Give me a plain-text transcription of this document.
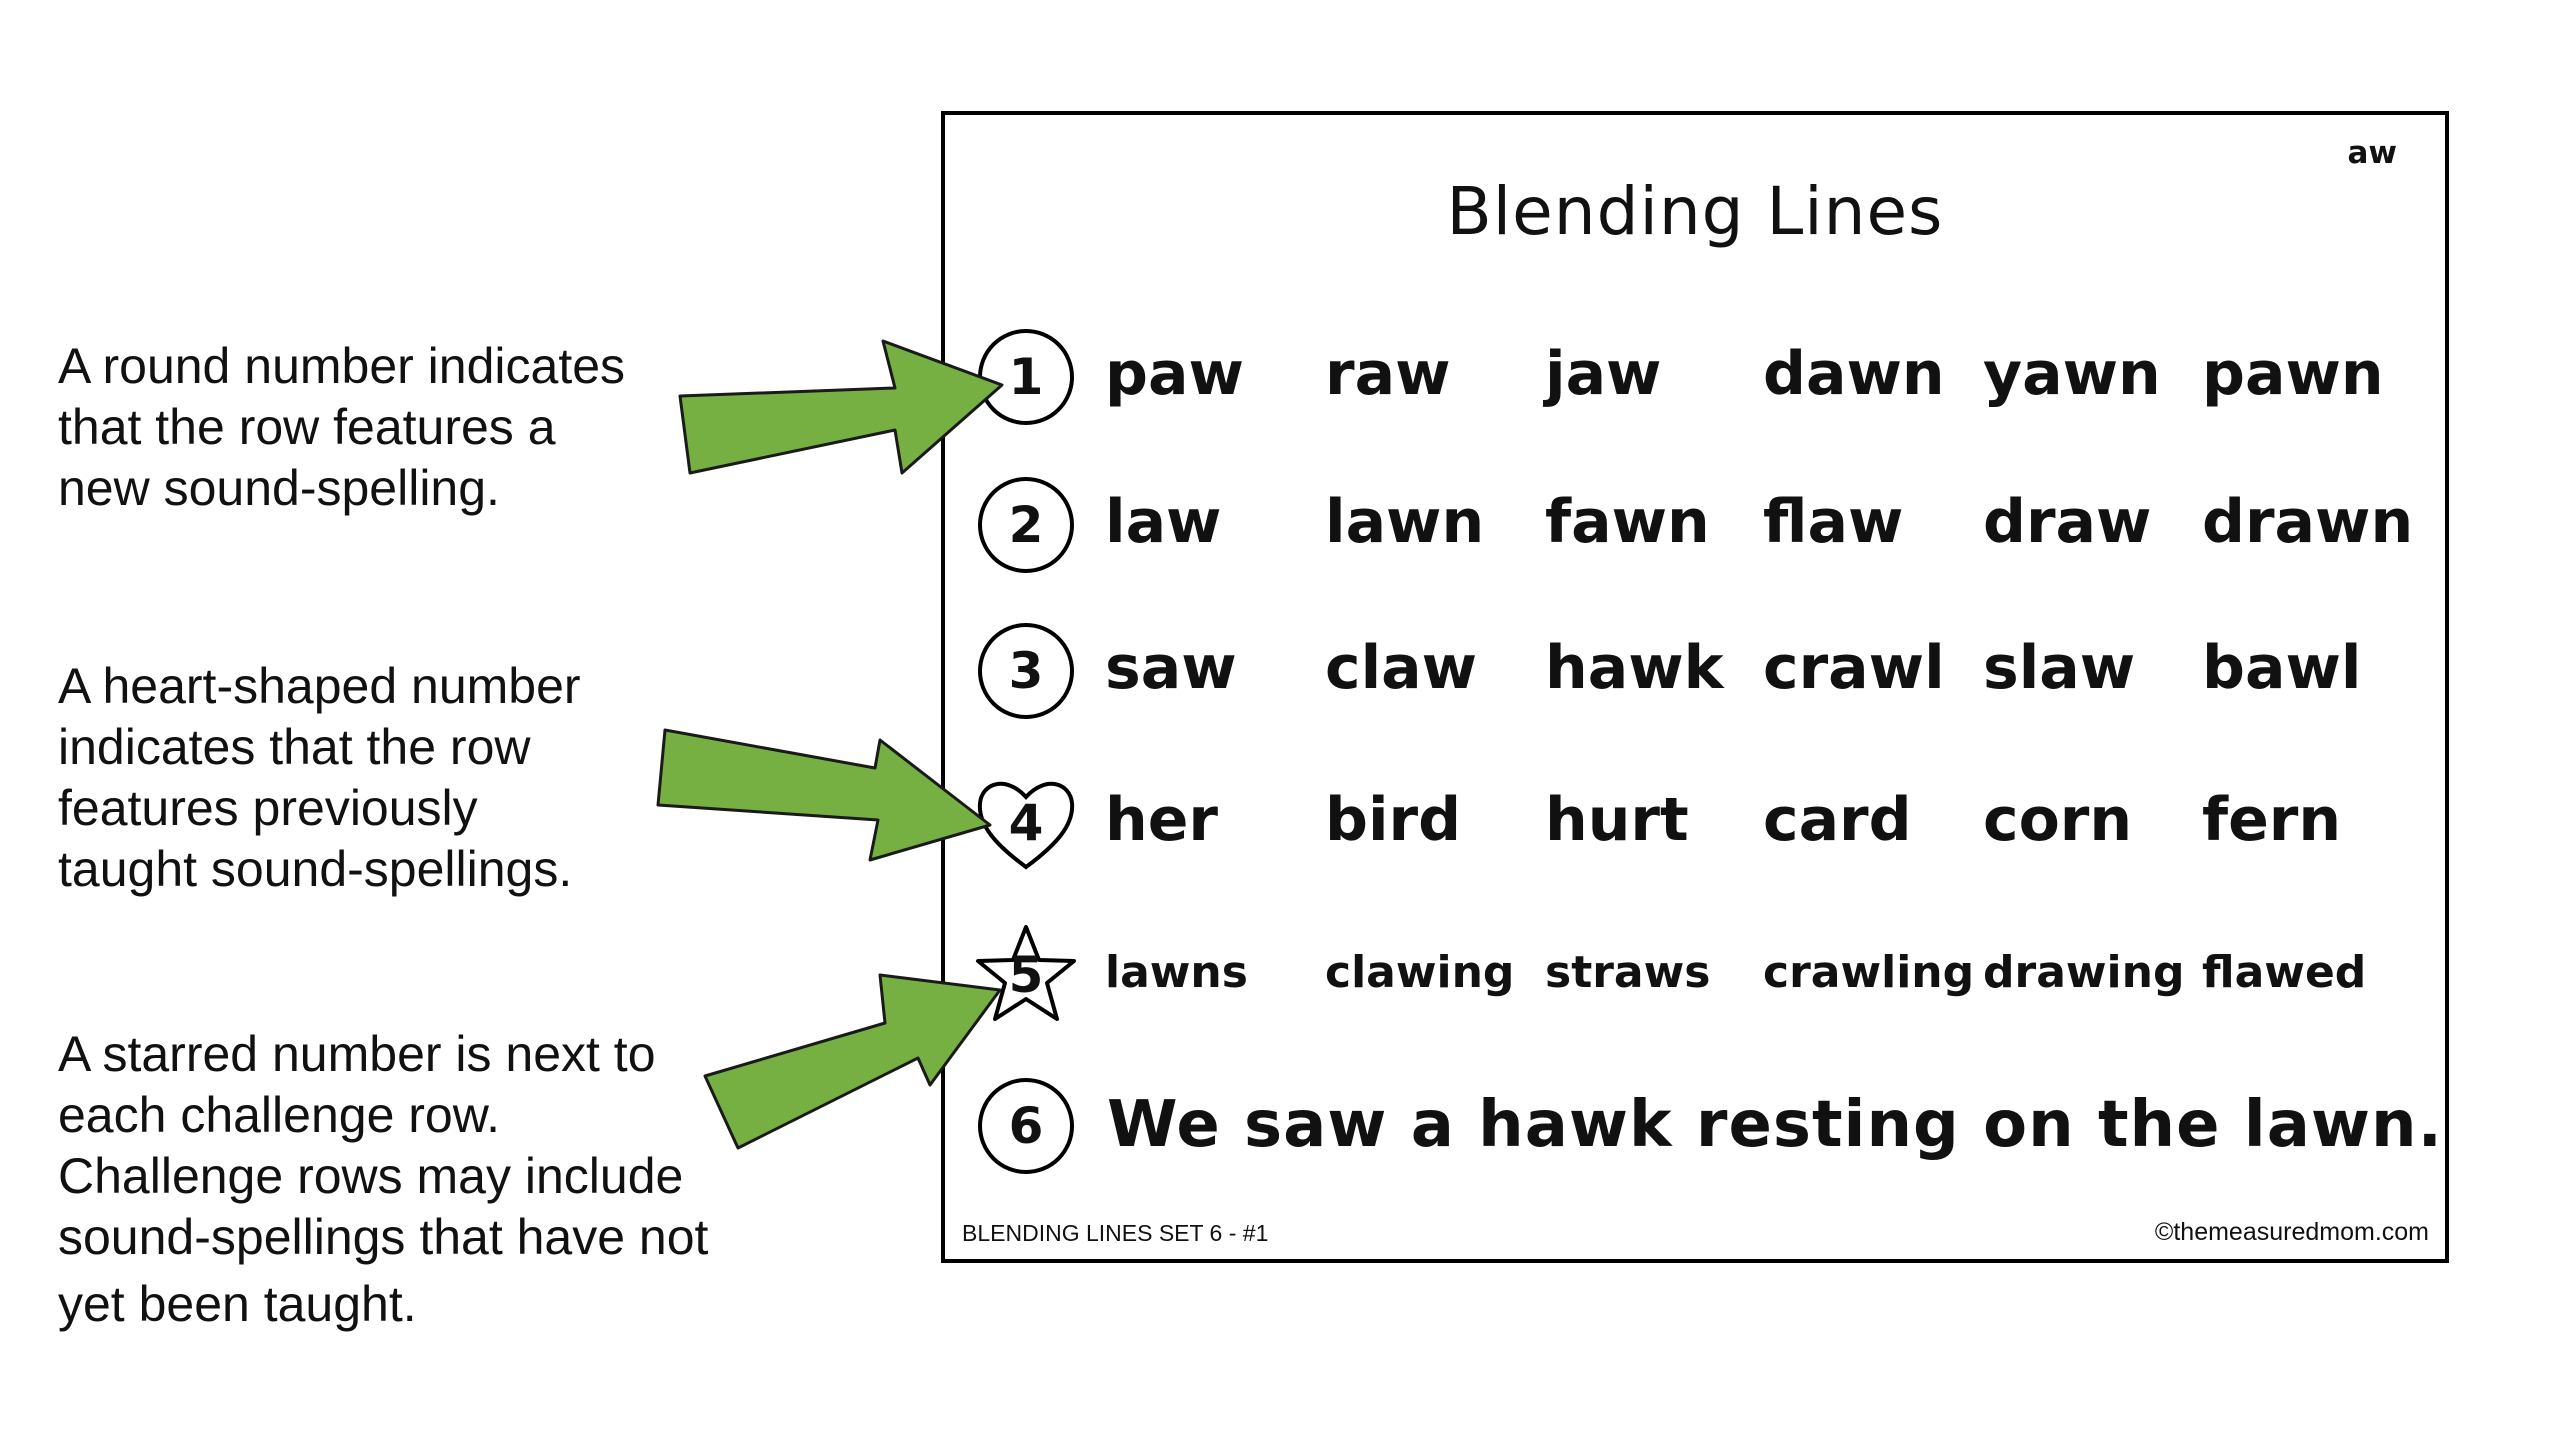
A round number indicates
that the row features a
new sound-spelling.
A heart-shaped number
indicates that the row
features previously
taught sound-spellings.
A starred number is next to
each challenge row.
Challenge rows may include
sound-spellings that have not
yet been taught.
Blending Lines
aw
1	paw raw jaw dawn yawn pawn
2	law lawn fawn flaw draw drawn
3	saw claw hawk crawl slaw bawl
4	her bird hurt card corn fern
5	lawns clawing straws crawling drawing flawed
6 We saw a hawk resting on the lawn.
BLENDING LINES SET 6 - #1	©themeasuredmom.com
